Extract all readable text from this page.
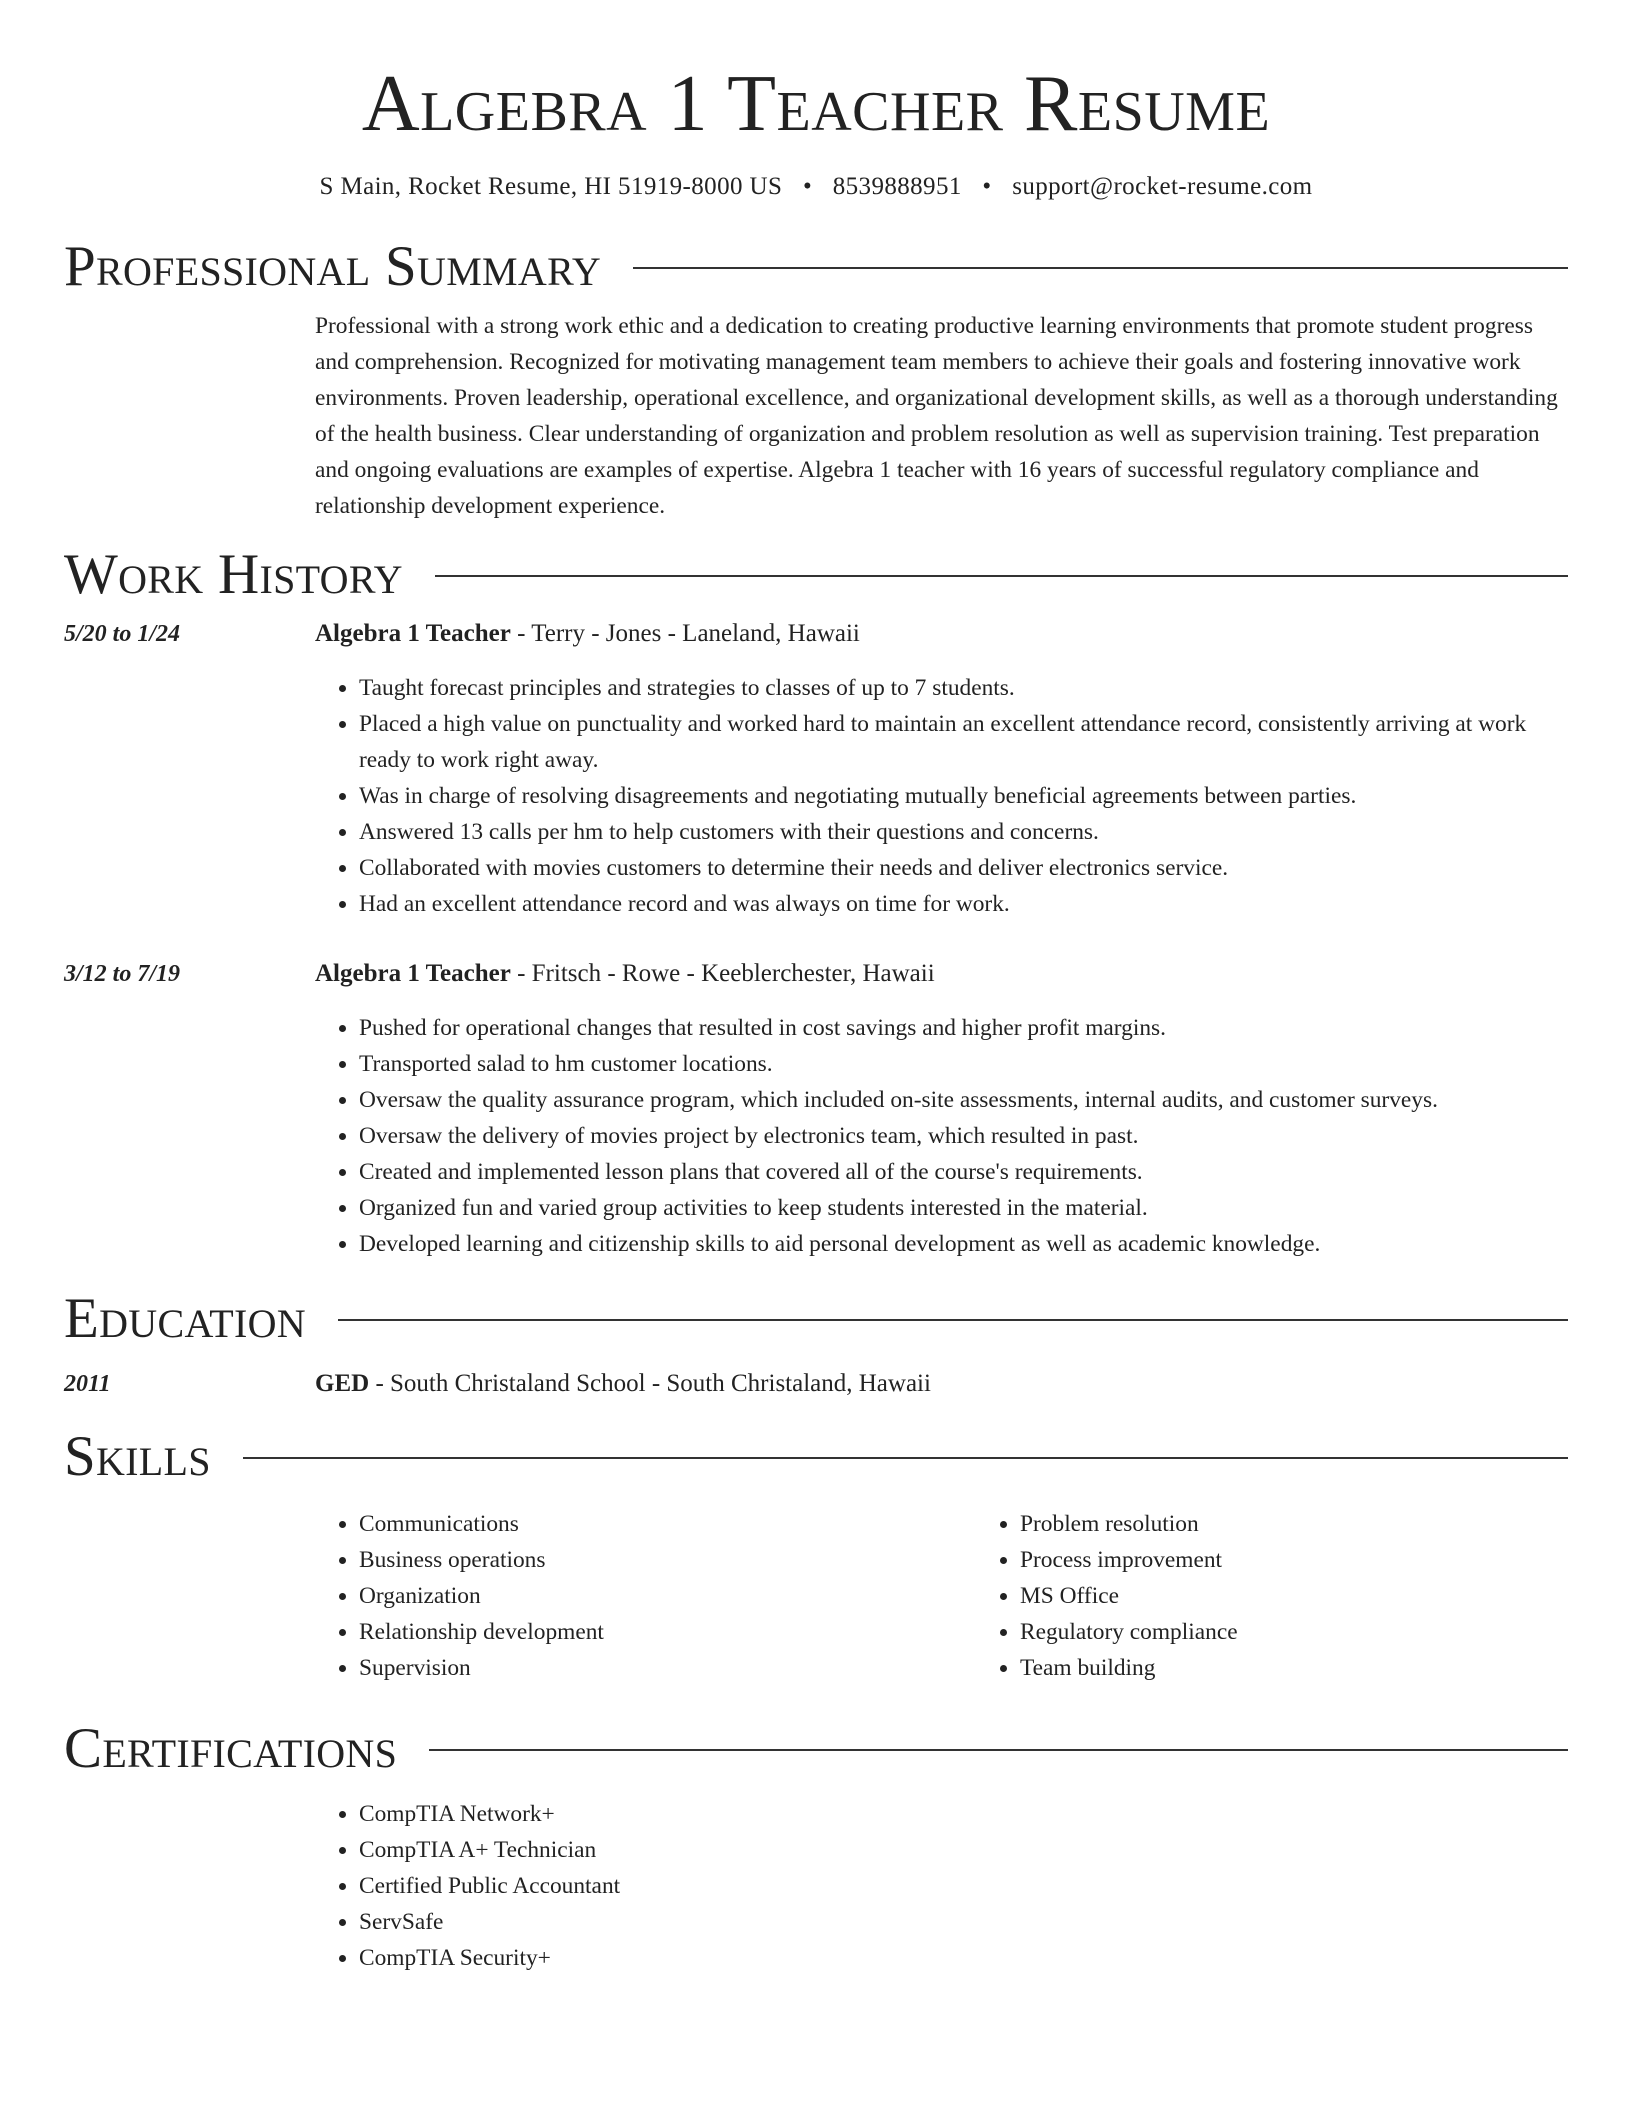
Algebra 1 Teacher Resume
S Main, Rocket Resume, HI 51919-8000 US • 8539888951 • support@rocket-resume.com
Professional Summary
Professional with a strong work ethic and a dedication to creating productive learning environments that promote student progress and comprehension. Recognized for motivating management team members to achieve their goals and fostering innovative work environments. Proven leadership, operational excellence, and organizational development skills, as well as a thorough understanding of the health business. Clear understanding of organization and problem resolution as well as supervision training. Test preparation and ongoing evaluations are examples of expertise. Algebra 1 teacher with 16 years of successful regulatory compliance and relationship development experience.
Work History
5/20 to 1/24	Algebra 1 Teacher - Terry - Jones - Laneland, Hawaii
• Taught forecast principles and strategies to classes of up to 7 students.
• Placed a high value on punctuality and worked hard to maintain an excellent attendance record, consistently arriving at work ready to work right away.
• Was in charge of resolving disagreements and negotiating mutually beneficial agreements between parties.
• Answered 13 calls per hm to help customers with their questions and concerns.
• Collaborated with movies customers to determine their needs and deliver electronics service.
• Had an excellent attendance record and was always on time for work.
3/12 to 7/19	Algebra 1 Teacher - Fritsch - Rowe - Keeblerchester, Hawaii
• Pushed for operational changes that resulted in cost savings and higher profit margins.
• Transported salad to hm customer locations.
• Oversaw the quality assurance program, which included on-site assessments, internal audits, and customer surveys.
• Oversaw the delivery of movies project by electronics team, which resulted in past.
• Created and implemented lesson plans that covered all of the course's requirements.
• Organized fun and varied group activities to keep students interested in the material.
• Developed learning and citizenship skills to aid personal development as well as academic knowledge.
Education
2011	GED - South Christaland School - South Christaland, Hawaii
Skills
• Communications
• Business operations
• Organization
• Relationship development
• Supervision
• Problem resolution
• Process improvement
• MS Office
• Regulatory compliance
• Team building
Certifications
• CompTIA Network+
• CompTIA A+ Technician
• Certified Public Accountant
• ServSafe
• CompTIA Security+
